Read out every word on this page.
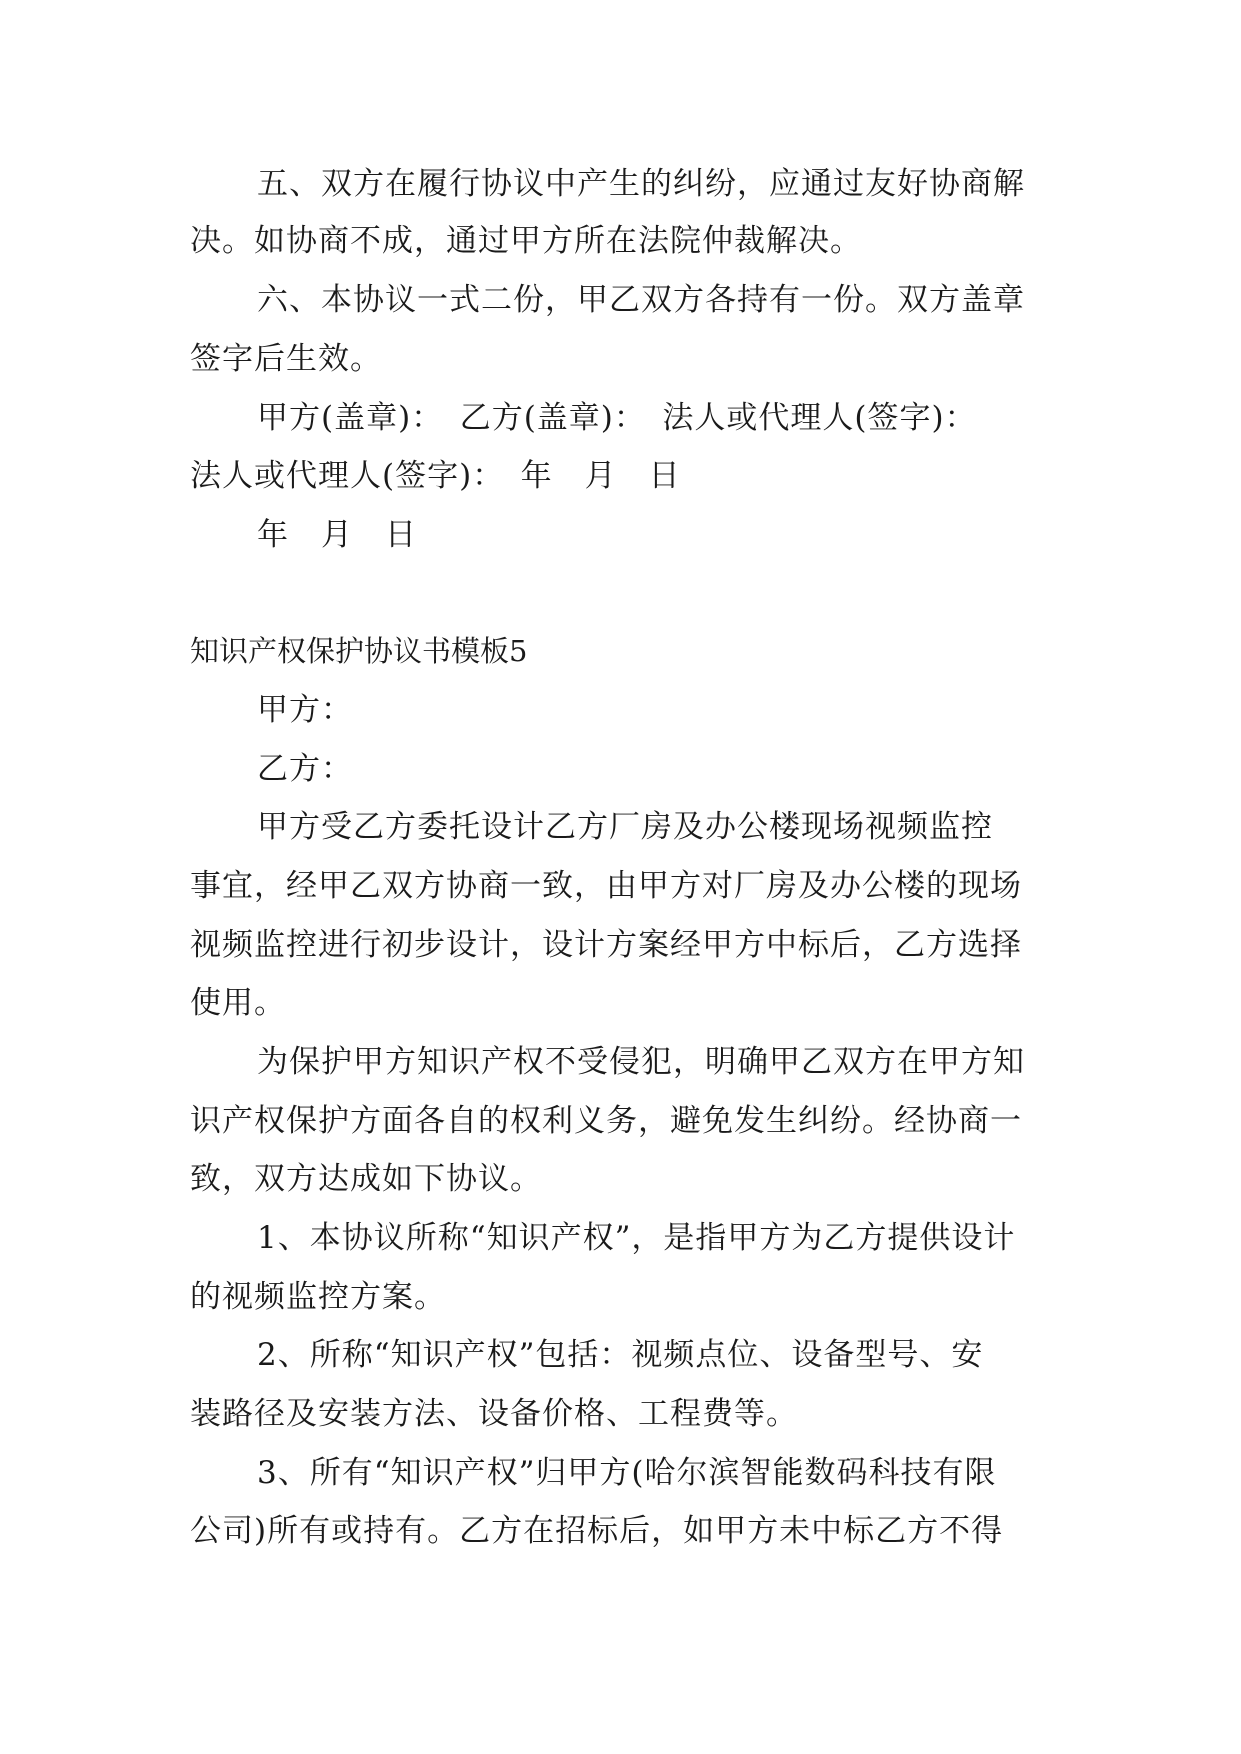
五、双方在履行协议中产生的纠纷，应通过友好协商解
决。如协商不成，通过甲方所在法院仲裁解决。
六、本协议一式二份，甲乙双方各持有一份。双方盖章
签字后生效。
甲方(盖章)：　乙方(盖章)：　法人或代理人(签字)：
法人或代理人(签字)：　年　月　日
年　月　日
知识产权保护协议书模板5
甲方：
乙方：
甲方受乙方委托设计乙方厂房及办公楼现场视频监控
事宜，经甲乙双方协商一致，由甲方对厂房及办公楼的现场
视频监控进行初步设计，设计方案经甲方中标后，乙方选择
使用。
为保护甲方知识产权不受侵犯，明确甲乙双方在甲方知
识产权保护方面各自的权利义务，避免发生纠纷。经协商一
致，双方达成如下协议。
1、本协议所称“知识产权”，是指甲方为乙方提供设计
的视频监控方案。
2、所称“知识产权”包括：视频点位、设备型号、安
装路径及安装方法、设备价格、工程费等。
3、所有“知识产权”归甲方(哈尔滨智能数码科技有限
公司)所有或持有。乙方在招标后，如甲方未中标乙方不得
